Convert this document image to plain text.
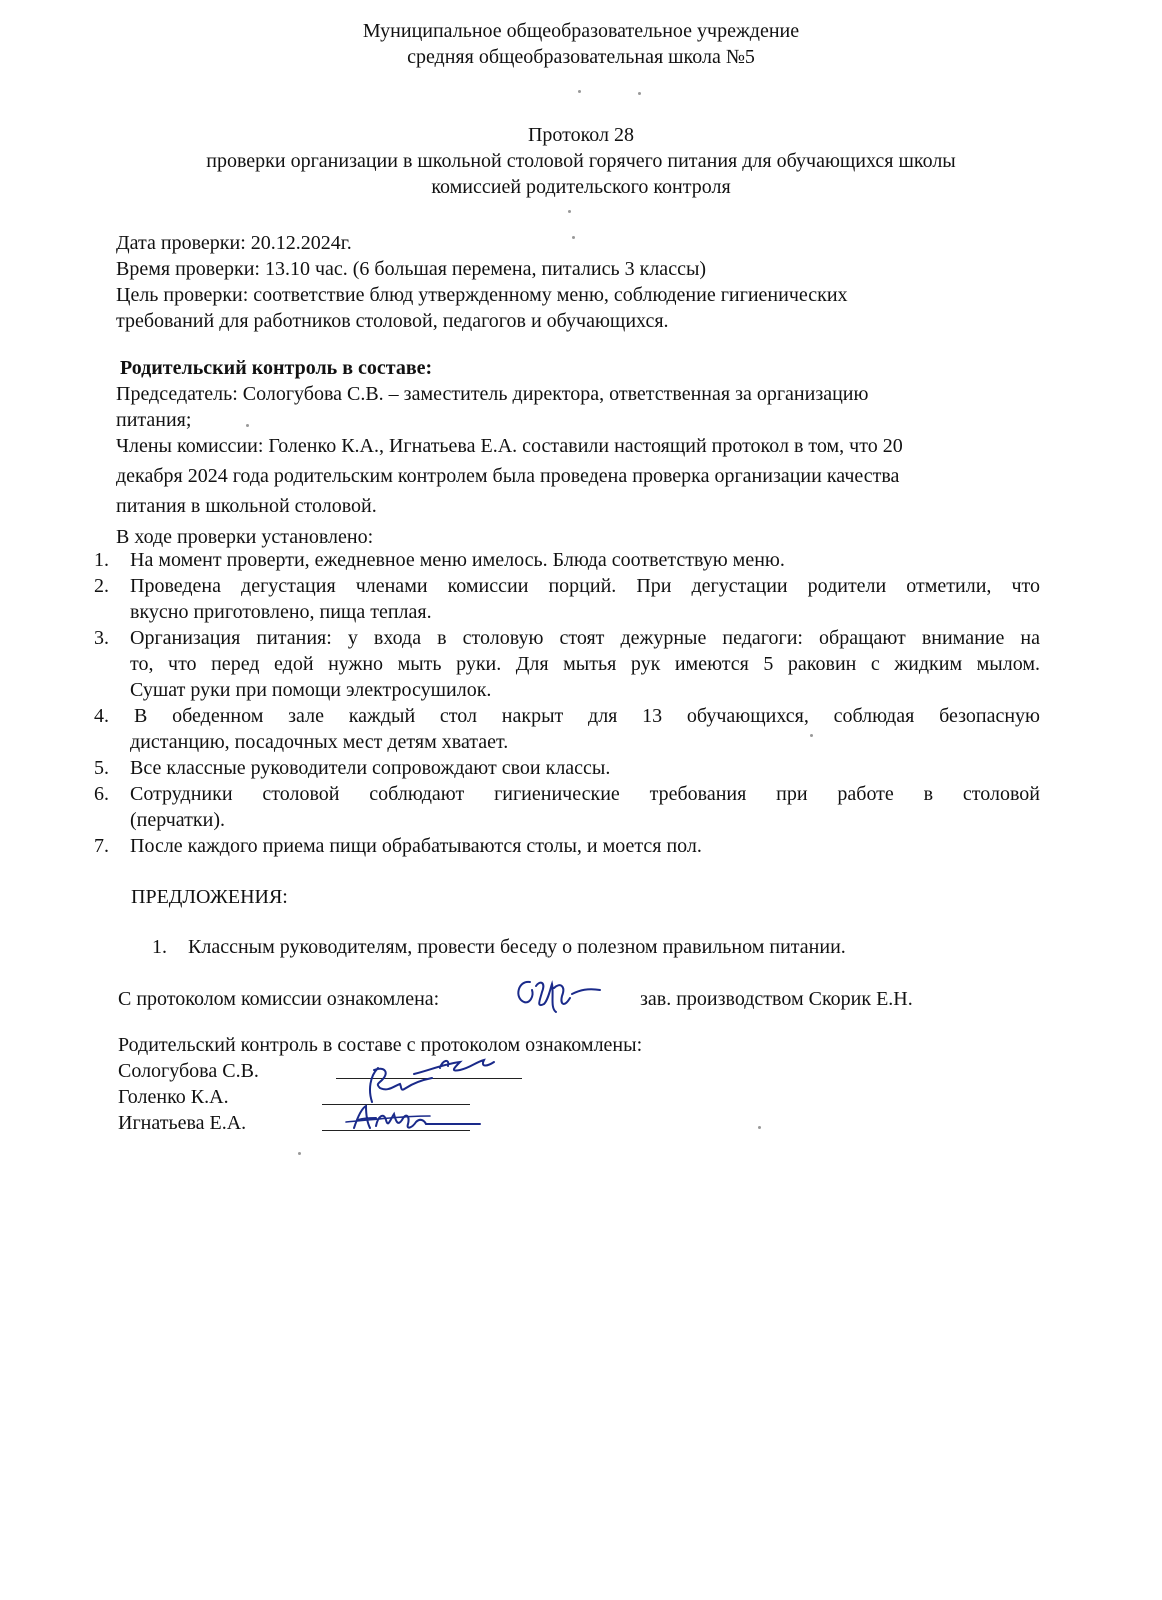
Муниципальное общеобразовательное учреждение
средняя общеобразовательная школа №5
Протокол 28
проверки организации в школьной столовой горячего питания для обучающихся школы
комиссией родительского контроля
Дата проверки: 20.12.2024г.
Время проверки: 13.10 час. (6 большая перемена, питались 3 классы)
Цель проверки: соответствие блюд утвержденному меню, соблюдение гигиенических
требований для работников столовой, педагогов и обучающихся.
Родительский контроль в составе:
Председатель: Сологубова С.В. – заместитель директора, ответственная за организацию
питания;
Члены комиссии: Голенко К.А., Игнатьева Е.А. составили настоящий протокол в том, что 20
декабря 2024 года родительским контролем была проведена проверка организации качества
питания в школьной столовой.
В ходе проверки установлено:
1. На момент проверти, ежедневное меню имелось. Блюда соответствую меню.
2. Проведена дегустация членами комиссии порций. При дегустации родители отметили, что
вкусно приготовлено, пища теплая.
3. Организация питания: у входа в столовую стоят дежурные педагоги: обращают внимание на
то, что перед едой нужно мыть руки. Для мытья рук имеются 5 раковин с жидким мылом.
Сушат руки при помощи электросушилок.
4. В обеденном зале каждый стол накрыт для 13 обучающихся, соблюдая безопасную
дистанцию, посадочных мест детям хватает.
5. Все классные руководители сопровождают свои классы.
6. Сотрудники столовой соблюдают гигиенические требования при работе в столовой
(перчатки).
7. После каждого приема пищи обрабатываются столы, и моется пол.
ПРЕДЛОЖЕНИЯ:
1. Классным руководителям, провести беседу о полезном правильном питании.
С протоколом комиссии ознакомлена:	зав. производством Скорик Е.Н.
Родительский контроль в составе с протоколом ознакомлены:
Сологубова С.В.
Голенко К.А.
Игнатьева Е.А.
